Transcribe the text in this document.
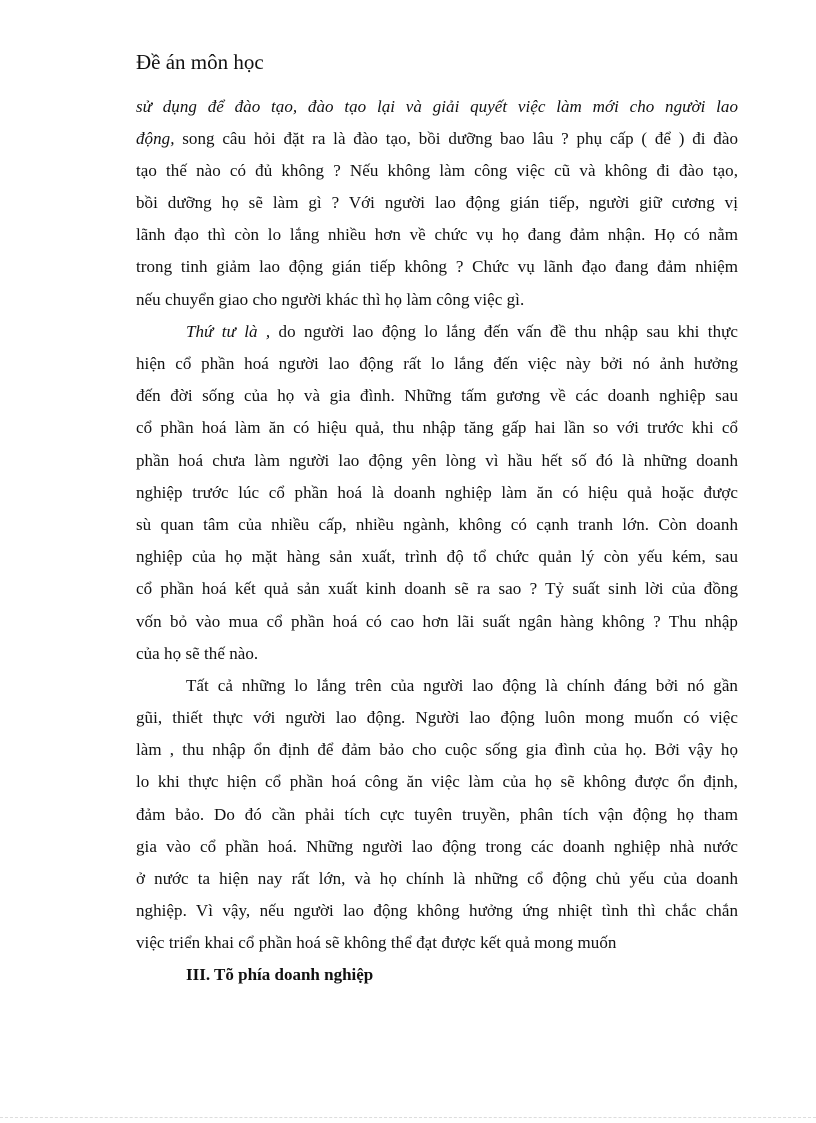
Đề án môn học
sử dụng để đào tạo, đào tạo lại và giải quyết việc làm mới cho người lao
động, song câu hỏi đặt ra là đào tạo, bồi dưỡng bao lâu ? phụ cấp ( để ) đi đào
tạo thế nào có đủ không ? Nếu không làm công việc cũ và không đi đào tạo,
bồi dưỡng họ sẽ làm gì ? Với người lao động gián tiếp, người giữ cương vị
lãnh đạo thì còn lo lắng nhiều hơn về chức vụ họ đang đảm nhận. Họ có nằm
trong tinh giảm lao động gián tiếp không ? Chức vụ lãnh đạo đang đảm nhiệm
nếu chuyển giao cho người khác thì họ làm công việc gì.
Thứ tư là , do người lao động lo lắng đến vấn đề thu nhập sau khi thực
hiện cổ phần hoá người lao động rất lo lắng đến việc này bởi nó ảnh hưởng
đến đời sống của họ và gia đình. Những tấm gương về các doanh nghiệp sau
cổ phần hoá làm ăn có hiệu quả, thu nhập tăng gấp hai lần so với trước khi cổ
phần hoá chưa làm người lao động yên lòng vì hầu hết số đó là những doanh
nghiệp trước lúc cổ phần hoá là doanh nghiệp làm ăn có hiệu quả hoặc được
sù quan tâm của nhiều cấp, nhiều ngành, không có cạnh tranh lớn. Còn doanh
nghiệp của họ mặt hàng sản xuất, trình độ tổ chức quản lý còn yếu kém, sau
cổ phần hoá kết quả sản xuất kinh doanh sẽ ra sao ? Tỷ suất sinh lời của đồng
vốn bỏ vào mua cổ phần hoá có cao hơn lãi suất ngân hàng không ? Thu nhập
của họ sẽ thế nào.
Tất cả những lo lắng trên của người lao động là chính đáng bởi nó gần
gũi, thiết thực với người lao động. Người lao động luôn mong muốn có việc
làm , thu nhập ổn định để đảm bảo cho cuộc sống gia đình của họ. Bởi vậy họ
lo khi thực hiện cổ phần hoá công ăn việc làm của họ sẽ không được ổn định,
đảm bảo. Do đó cần phải tích cực tuyên truyền, phân tích vận động họ tham
gia vào cổ phần hoá. Những người lao động trong các doanh nghiệp nhà nước
ở nước ta hiện nay rất lớn, và họ chính là những cổ động chủ yếu của doanh
nghiệp. Vì vậy, nếu người lao động không hưởng ứng nhiệt tình thì chắc chắn
việc triển khai cổ phần hoá sẽ không thể đạt được kết quả mong muốn
III. Tõ phía doanh nghiệp
